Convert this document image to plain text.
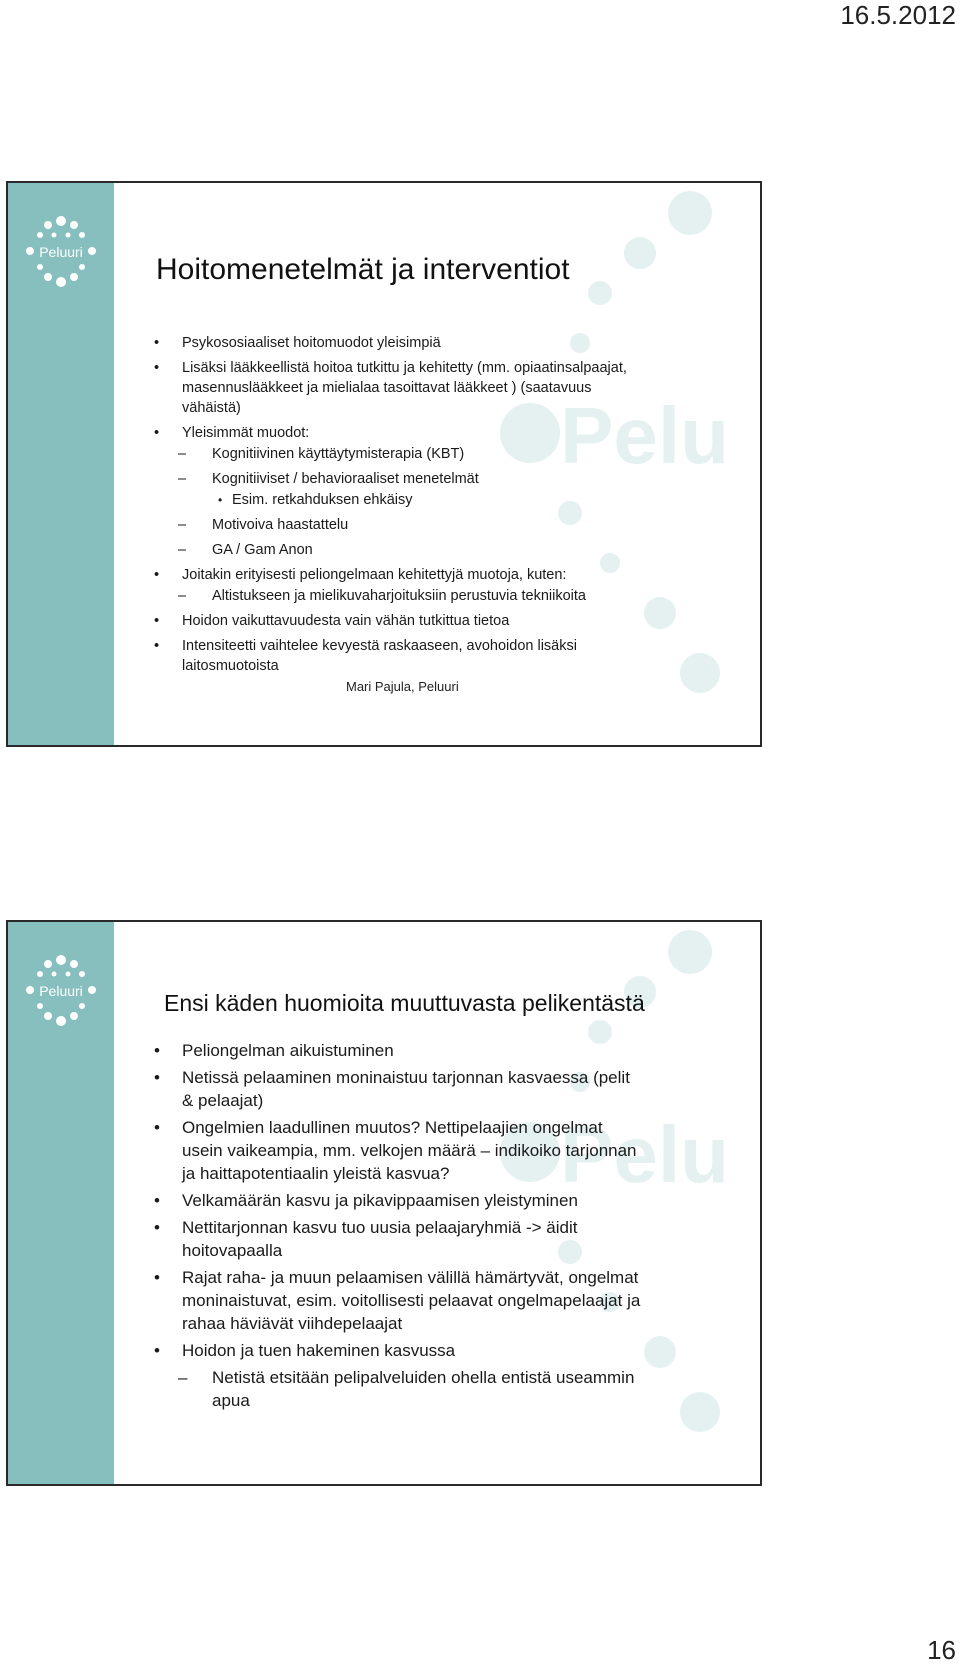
16.5.2012
Peluuri
Pelu
Hoitomenetelmät ja interventiot
• Psykososiaaliset hoitomuodot yleisimpiä
• Lisäksi lääkkeellistä hoitoa tutkittu ja kehitetty (mm. opiaatinsalpaajat, masennuslääkkeet ja mielialaa tasoittavat lääkkeet ) (saatavuus vähäistä)
• Yleisimmät muodot:
– Kognitiivinen käyttäytymisterapia (KBT)
– Kognitiiviset / behavioraaliset menetelmät
• Esim. retkahduksen ehkäisy
– Motivoiva haastattelu
– GA / Gam Anon
• Joitakin erityisesti peliongelmaan kehitettyjä muotoja, kuten:
– Altistukseen ja mielikuvaharjoituksiin perustuvia tekniikoita
• Hoidon vaikuttavuudesta vain vähän tutkittua tietoa
• Intensiteetti vaihtelee kevyestä raskaaseen, avohoidon lisäksi laitosmuotoista
Mari Pajula, Peluuri
Peluuri
Pelu
Ensi käden huomioita muuttuvasta pelikentästä
• Peliongelman aikuistuminen
• Netissä pelaaminen moninaistuu tarjonnan kasvaessa (pelit & pelaajat)
• Ongelmien laadullinen muutos? Nettipelaajien ongelmat usein vaikeampia, mm. velkojen määrä – indikoiko tarjonnan ja haittapotentiaalin yleistä kasvua?
• Velkamäärän kasvu ja pikavippaamisen yleistyminen
• Nettitarjonnan kasvu tuo uusia pelaajaryhmiä -> äidit hoitovapaalla
• Rajat raha- ja muun pelaamisen välillä hämärtyvät, ongelmat moninaistuvat, esim. voitollisesti pelaavat ongelmapelaajat ja rahaa häviävät viihdepelaajat
• Hoidon ja tuen hakeminen kasvussa
– Netistä etsitään pelipalveluiden ohella entistä useammin apua
16
